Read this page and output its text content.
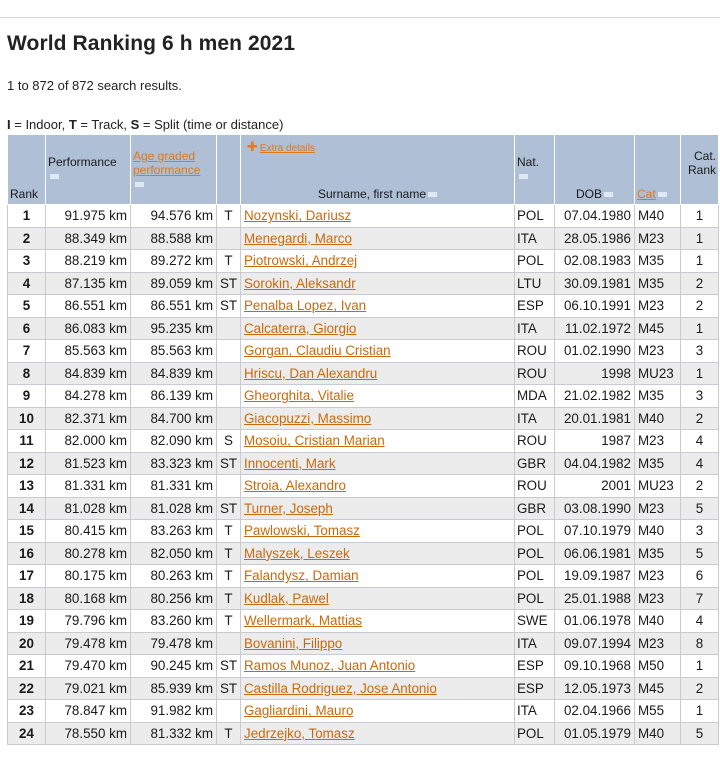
World Ranking 6 h men 2021
1 to 872 of 872 search results.
I = Indoor, T = Track, S = Split (time or distance)
Rank	Performance	Age graded
performance		✚ Extra details
Surname, first name	Nat.	DOB	Cat	Cat.
Rank
1	91.975 km	94.576 km	T	Nozynski, Dariusz	POL	07.04.1980	M40	1
2	88.349 km	88.588 km		Menegardi, Marco	ITA	28.05.1986	M23	1
3	88.219 km	89.272 km	T	Piotrowski, Andrzej	POL	02.08.1983	M35	1
4	87.135 km	89.059 km	ST	Sorokin, Aleksandr	LTU	30.09.1981	M35	2
5	86.551 km	86.551 km	ST	Penalba Lopez, Ivan	ESP	06.10.1991	M23	2
6	86.083 km	95.235 km		Calcaterra, Giorgio	ITA	11.02.1972	M45	1
7	85.563 km	85.563 km		Gorgan, Claudiu Cristian	ROU	01.02.1990	M23	3
8	84.839 km	84.839 km		Hriscu, Dan Alexandru	ROU	1998	MU23	1
9	84.278 km	86.139 km		Gheorghita, Vitalie	MDA	21.02.1982	M35	3
10	82.371 km	84.700 km		Giacopuzzi, Massimo	ITA	20.01.1981	M40	2
11	82.000 km	82.090 km	S	Mosoiu, Cristian Marian	ROU	1987	M23	4
12	81.523 km	83.323 km	ST	Innocenti, Mark	GBR	04.04.1982	M35	4
13	81.331 km	81.331 km		Stroia, Alexandro	ROU	2001	MU23	2
14	81.028 km	81.028 km	ST	Turner, Joseph	GBR	03.08.1990	M23	5
15	80.415 km	83.263 km	T	Pawlowski, Tomasz	POL	07.10.1979	M40	3
16	80.278 km	82.050 km	T	Malyszek, Leszek	POL	06.06.1981	M35	5
17	80.175 km	80.263 km	T	Falandysz, Damian	POL	19.09.1987	M23	6
18	80.168 km	80.256 km	T	Kudlak, Pawel	POL	25.01.1988	M23	7
19	79.796 km	83.260 km	T	Wellermark, Mattias	SWE	01.06.1978	M40	4
20	79.478 km	79.478 km		Bovanini, Filippo	ITA	09.07.1994	M23	8
21	79.470 km	90.245 km	ST	Ramos Munoz, Juan Antonio	ESP	09.10.1968	M50	1
22	79.021 km	85.939 km	ST	Castilla Rodriguez, Jose Antonio	ESP	12.05.1973	M45	2
23	78.847 km	91.982 km		Gagliardini, Mauro	ITA	02.04.1966	M55	1
24	78.550 km	81.332 km	T	Jedrzejko, Tomasz	POL	01.05.1979	M40	5
